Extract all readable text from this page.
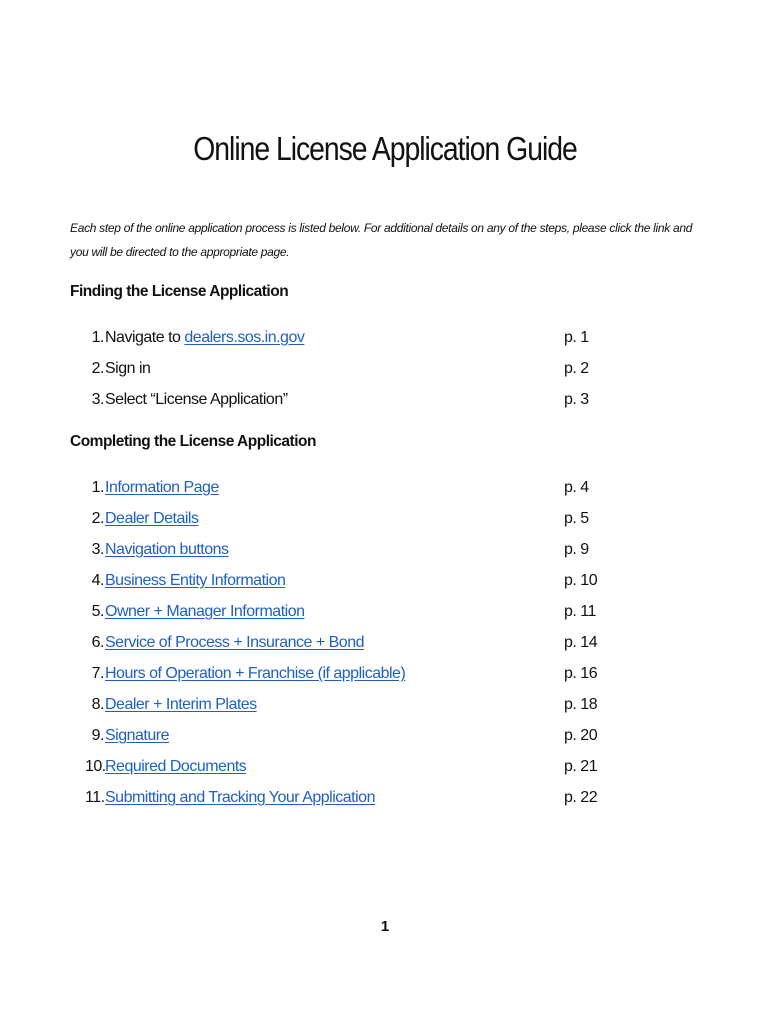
Online License Application Guide
Each step of the online application process is listed below. For additional details on any of the steps, please click the link and you will be directed to the appropriate page.
Finding the License Application
1. Navigate to dealers.sos.in.gov	p. 1
2. Sign in	p. 2
3. Select “License Application”	p. 3
Completing the License Application
1. Information Page	p. 4
2. Dealer Details	p. 5
3. Navigation buttons	p. 9
4. Business Entity Information	p. 10
5. Owner + Manager Information	p. 11
6. Service of Process + Insurance + Bond	p. 14
7. Hours of Operation + Franchise (if applicable)	p. 16
8. Dealer + Interim Plates	p. 18
9. Signature	p. 20
10. Required Documents	p. 21
11. Submitting and Tracking Your Application	p. 22
1
